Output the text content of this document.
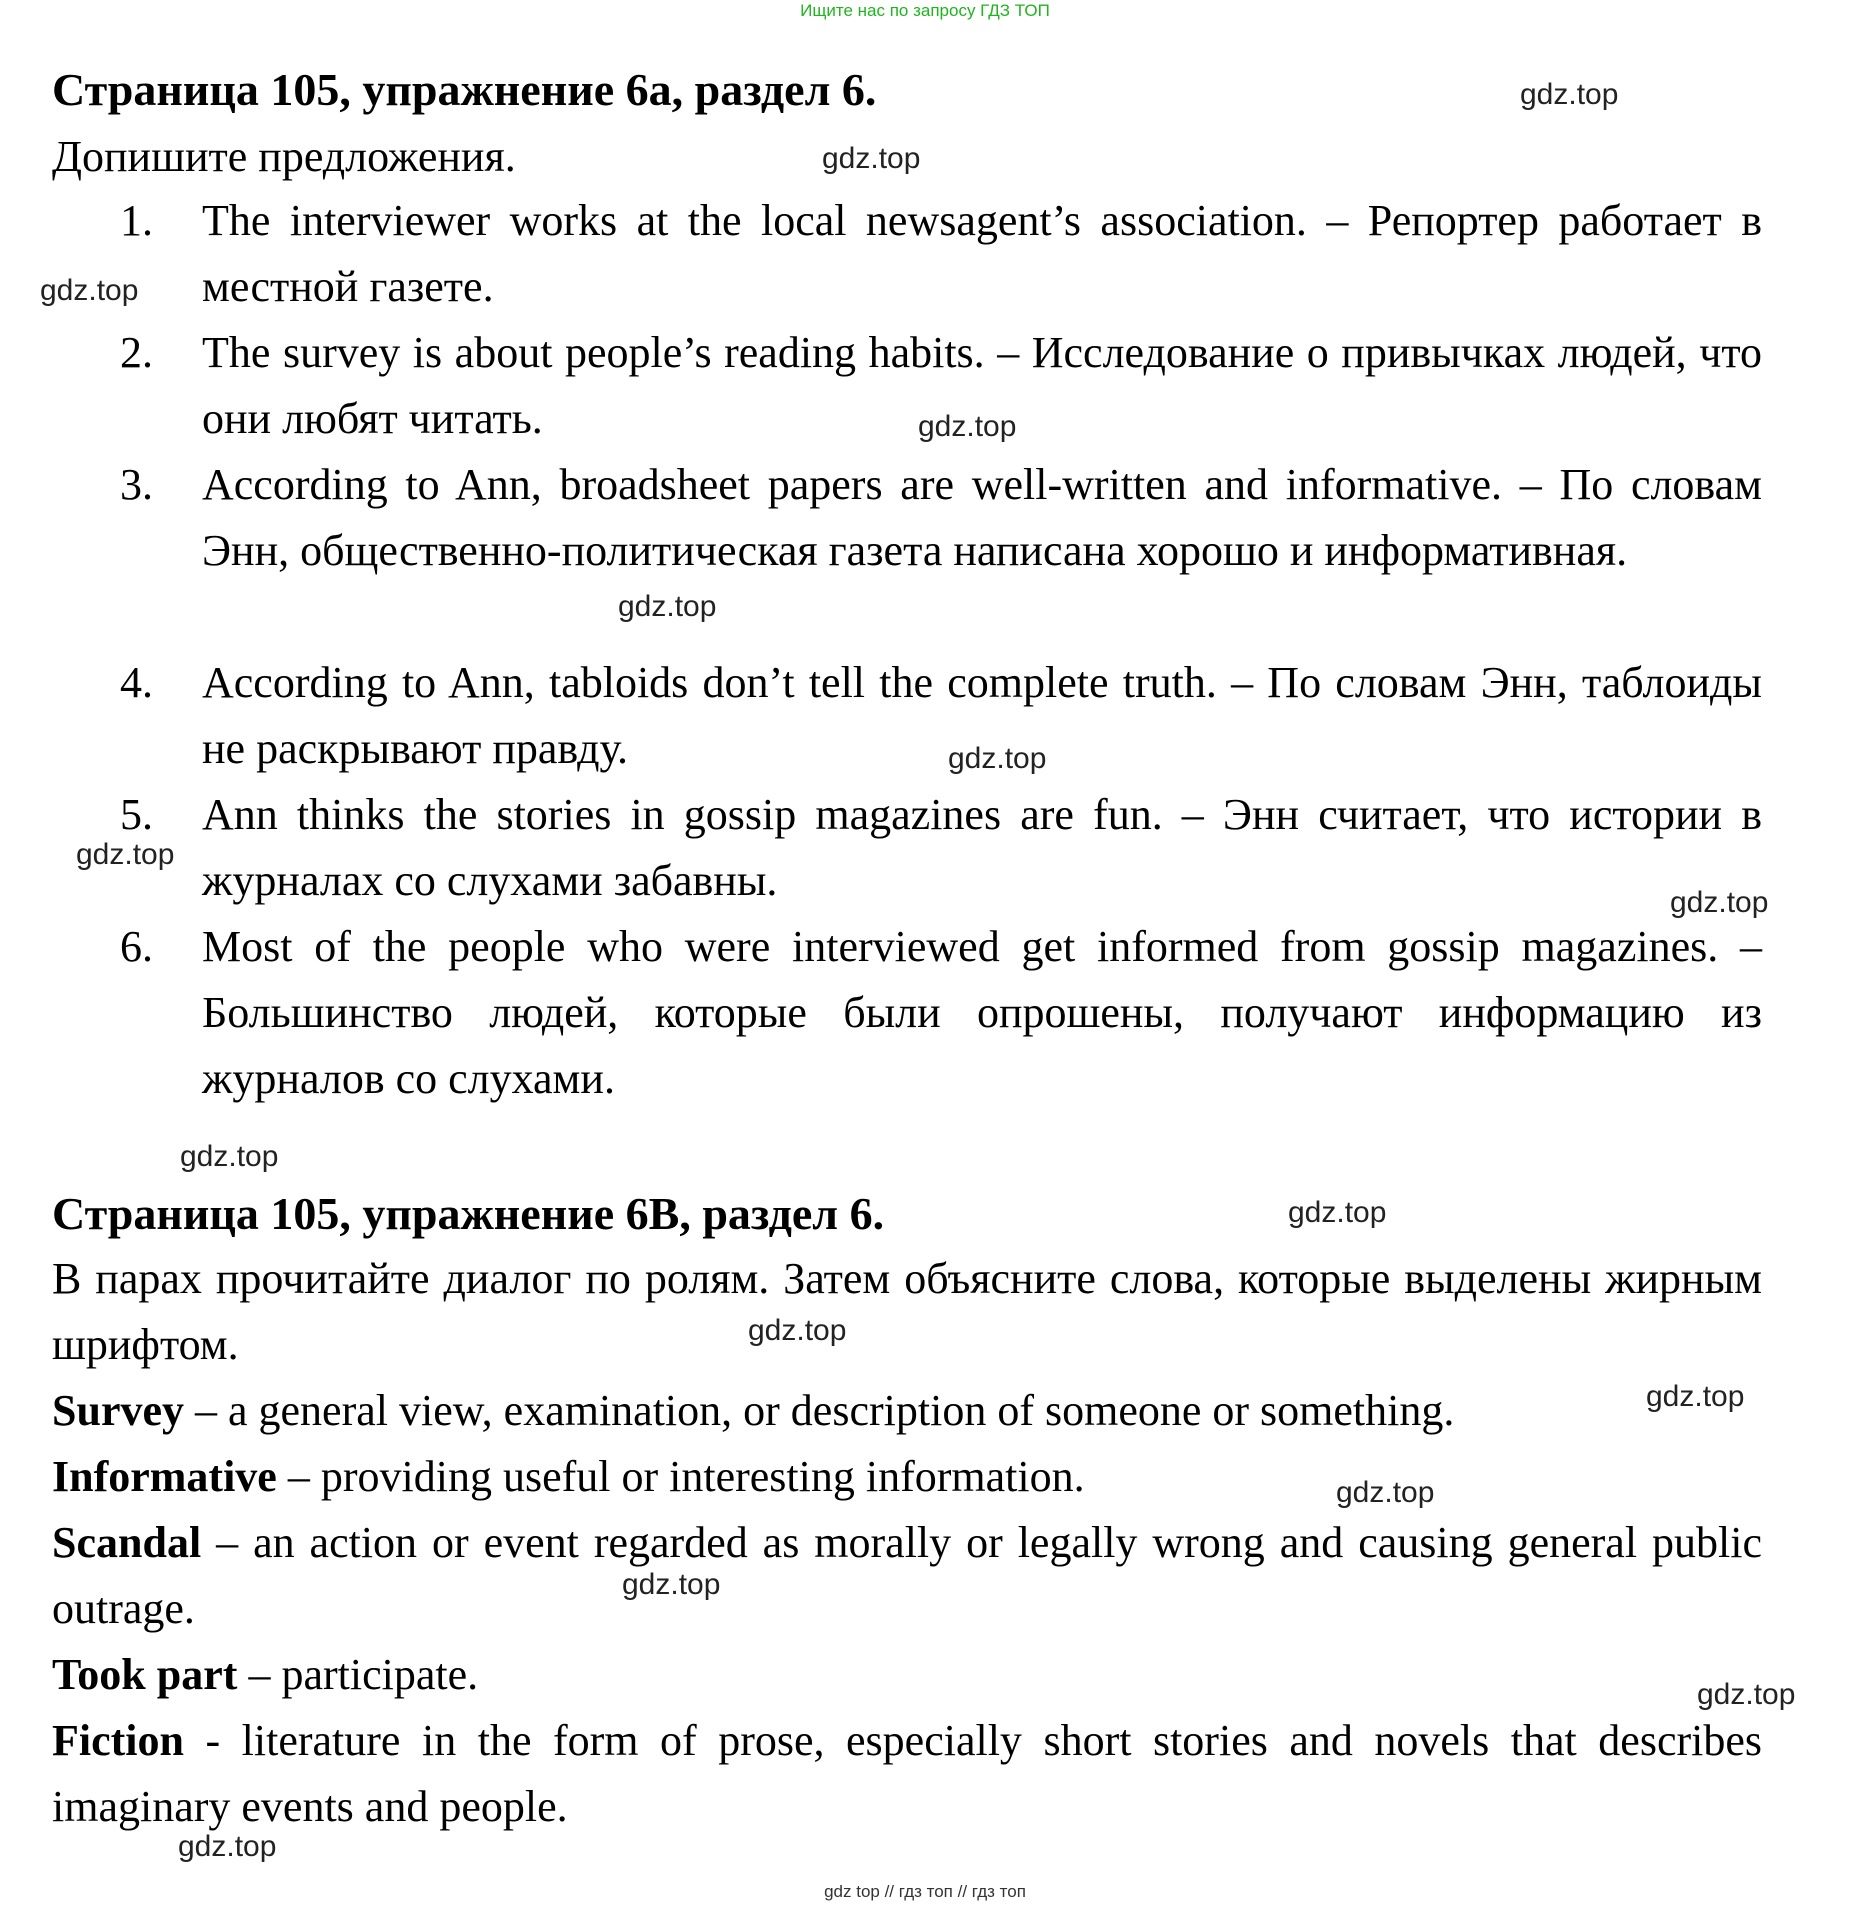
Ищите нас по запросу ГДЗ ТОП
Страница 105, упражнение 6а, раздел 6.
Допишите предложения.
1. The interviewer works at the local newsagent’s association. – Репортер работает в местной газете.
2. The survey is about people’s reading habits. – Исследование о привычках людей, что они любят читать.
3. According to Ann, broadsheet papers are well-written and informative. – По словам Энн, общественно-политическая газета написана хорошо и информативная.
4. According to Ann, tabloids don’t tell the complete truth. – По словам Энн, таблоиды не раскрывают правду.
5. Ann thinks the stories in gossip magazines are fun. – Энн считает, что истории в журналах со слухами забавны.
6. Most of the people who were interviewed get informed from gossip magazines. – Большинство людей, которые были опрошены, получают информацию из журналов со слухами.
Страница 105, упражнение 6В, раздел 6.
В парах прочитайте диалог по ролям. Затем объясните слова, которые выделены жирным шрифтом.
Survey – a general view, examination, or description of someone or something.
Informative – providing useful or interesting information.
Scandal – an action or event regarded as morally or legally wrong and causing general public outrage.
Took part – participate.
Fiction - literature in the form of prose, especially short stories and novels that describes imaginary events and people.
gdz.top
gdz.top
gdz.top
gdz.top
gdz.top
gdz.top
gdz.top
gdz.top
gdz.top
gdz.top
gdz.top
gdz.top
gdz.top
gdz.top
gdz.top
gdz.top
gdz top // гдз топ // гдз топ
